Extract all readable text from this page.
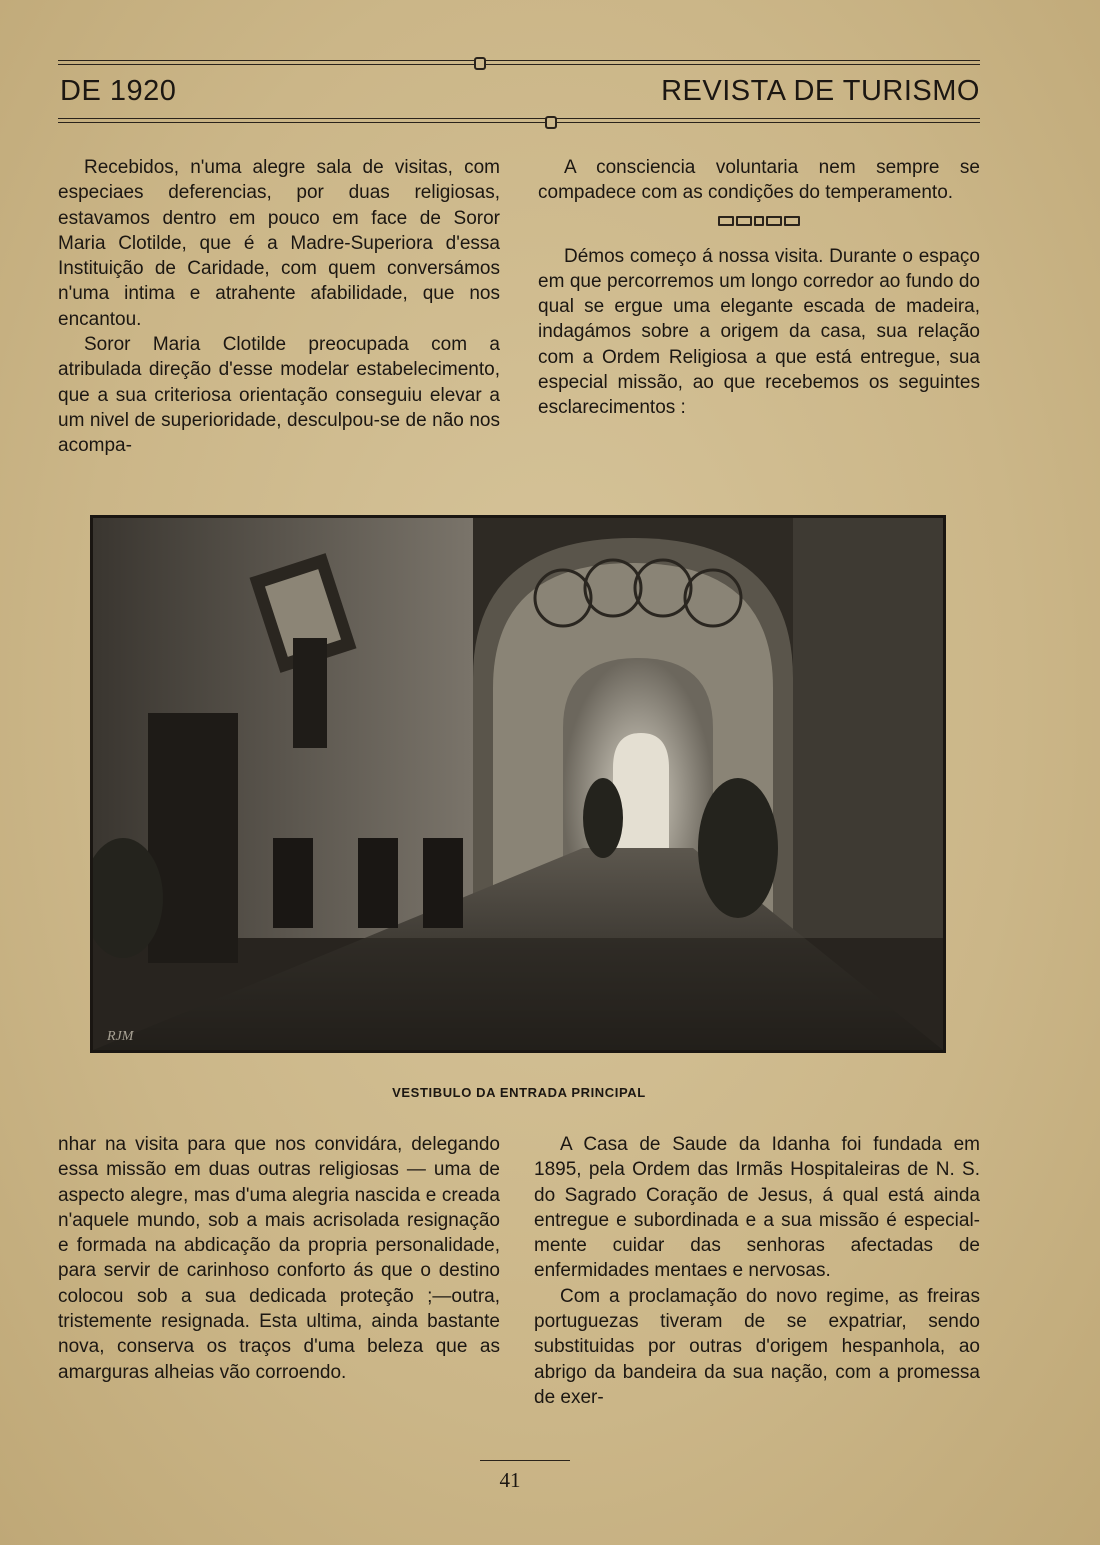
DE 1920	REVISTA DE TURISMO

Recebidos, n'uma alegre sala de visitas, com especiaes deferencias, por duas religiosas, estavamos dentro em pouco em face de Soror Maria Clotilde, que é a Madre-Superiora d'essa Instituição de Caridade, com quem conversámos n'uma intima e atrahente afabilidade, que nos encantou.

Soror Maria Clotilde preocupada com a atribulada direção d'esse modelar estabelecimento, que a sua criteriosa orientação conseguiu elevar a um nivel de superioridade, desculpou-se de não nos acompa-

A consciencia voluntaria nem sempre se compadece com as condições do temperamento.

Démos começo á nossa visita. Durante o espaço em que percorremos um longo corredor ao fundo do qual se ergue uma elegante escada de madeira, indagámos sobre a origem da casa, sua relação com a Ordem Religiosa a que está entregue, sua especial missão, ao que recebemos os seguintes esclarecimentos :

RJM
VESTIBULO DA ENTRADA PRINCIPAL

nhar na visita para que nos convidára, delegando essa missão em duas outras religiosas — uma de aspecto alegre, mas d'uma alegria nascida e creada n'aquele mundo, sob a mais acrisolada resignação e formada na abdicação da propria personalidade, para servir de carinhoso conforto ás que o destino colocou sob a sua dedicada proteção ;—outra, tristemente resignada. Esta ultima, ainda bastante nova, conserva os traços d'uma beleza que as amarguras alheias vão corroendo.

A Casa de Saude da Idanha foi fundada em 1895, pela Ordem das Irmãs Hospitaleiras de N. S. do Sagrado Coração de Jesus, á qual está ainda entregue e subordinada e a sua missão é especialmente cuidar das senhoras afectadas de enfermidades mentaes e nervosas.

Com a proclamação do novo regime, as freiras portuguezas tiveram de se expatriar, sendo substituidas por outras d'origem hespanhola, ao abrigo da bandeira da sua nação, com a promessa de exer-

41
